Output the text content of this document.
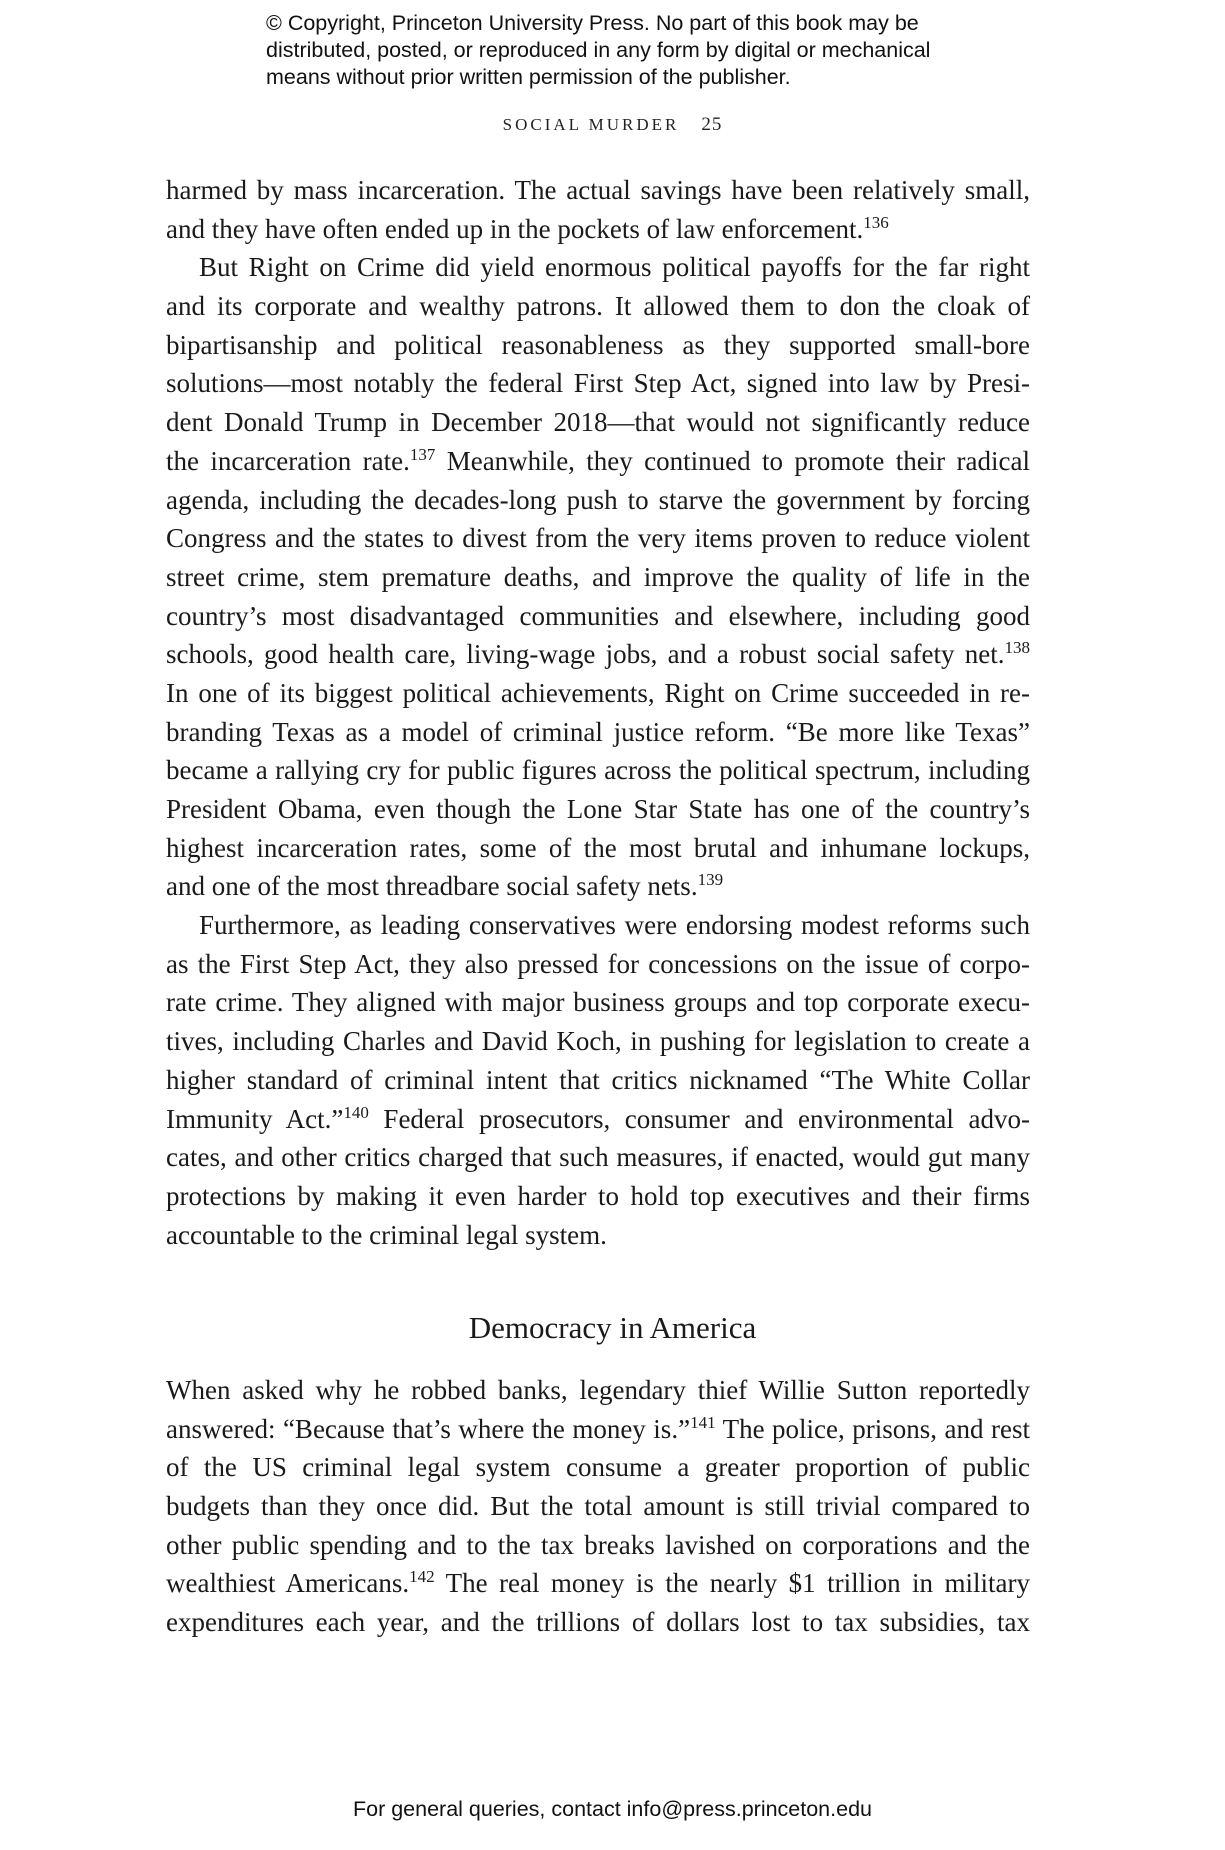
© Copyright, Princeton University Press. No part of this book may be
distributed, posted, or reproduced in any form by digital or mechanical
means without prior written permission of the publisher.
SOCIAL MURDER 25
harmed by mass incarceration. The actual savings have been relatively small,
and they have often ended up in the pockets of law enforcement.$^{136}$
But Right on Crime did yield enormous political payoffs for the far right
and its corporate and wealthy patrons. It allowed them to don the cloak of
bipartisanship and political reasonableness as they supported small-bore
solutions—most notably the federal First Step Act, signed into law by Presi-
dent Donald Trump in December 2018—that would not significantly reduce
the incarceration rate.$^{137}$ Meanwhile, they continued to promote their radical
agenda, including the decades-long push to starve the government by forcing
Congress and the states to divest from the very items proven to reduce violent
street crime, stem premature deaths, and improve the quality of life in the
country’s most disadvantaged communities and elsewhere, including good
schools, good health care, living-wage jobs, and a robust social safety net.$^{138}$
In one of its biggest political achievements, Right on Crime succeeded in re-
branding Texas as a model of criminal justice reform. “Be more like Texas”
became a rallying cry for public figures across the political spectrum, including
President Obama, even though the Lone Star State has one of the country’s
highest incarceration rates, some of the most brutal and inhumane lockups,
and one of the most threadbare social safety nets.$^{139}$
Furthermore, as leading conservatives were endorsing modest reforms such
as the First Step Act, they also pressed for concessions on the issue of corpo-
rate crime. They aligned with major business groups and top corporate execu-
tives, including Charles and David Koch, in pushing for legislation to create a
higher standard of criminal intent that critics nicknamed “The White Collar
Immunity Act.”$^{140}$ Federal prosecutors, consumer and environmental advo-
cates, and other critics charged that such measures, if enacted, would gut many
protections by making it even harder to hold top executives and their firms
accountable to the criminal legal system.
Democracy in America
When asked why he robbed banks, legendary thief Willie Sutton reportedly
answered: “Because that’s where the money is.”$^{141}$ The police, prisons, and rest
of the US criminal legal system consume a greater proportion of public
budgets than they once did. But the total amount is still trivial compared to
other public spending and to the tax breaks lavished on corporations and the
wealthiest Americans.$^{142}$ The real money is the nearly $1 trillion in military
expenditures each year, and the trillions of dollars lost to tax subsidies, tax
For general queries, contact info@press.princeton.edu
